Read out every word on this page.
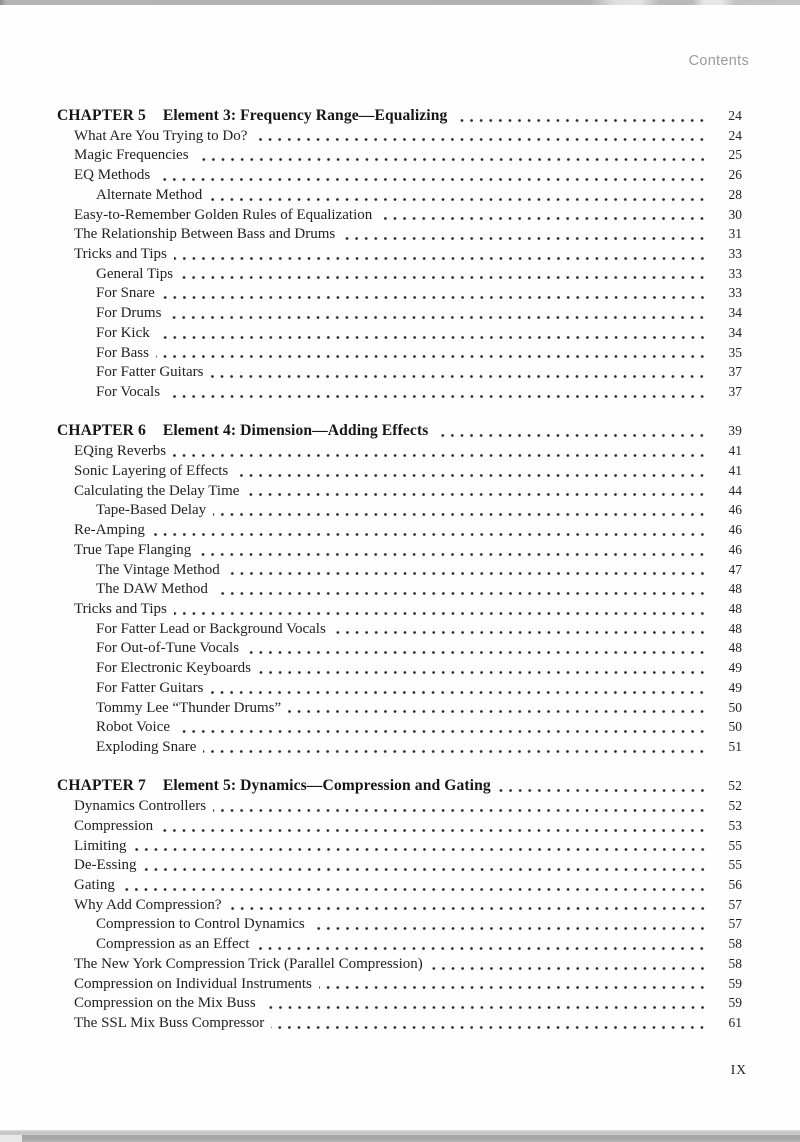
Contents
CHAPTER 5 Element 3: Frequency Range—Equalizing	24
What Are You Trying to Do?	24
Magic Frequencies	25
EQ Methods	26
Alternate Method	28
Easy-to-Remember Golden Rules of Equalization	30
The Relationship Between Bass and Drums	31
Tricks and Tips	33
General Tips	33
For Snare	33
For Drums	34
For Kick	34
For Bass	35
For Fatter Guitars	37
For Vocals	37
CHAPTER 6 Element 4: Dimension—Adding Effects	39
EQing Reverbs	41
Sonic Layering of Effects	41
Calculating the Delay Time	44
Tape-Based Delay	46
Re-Amping	46
True Tape Flanging	46
The Vintage Method	47
The DAW Method	48
Tricks and Tips	48
For Fatter Lead or Background Vocals	48
For Out-of-Tune Vocals	48
For Electronic Keyboards	49
For Fatter Guitars	49
Tommy Lee “Thunder Drums”	50
Robot Voice	50
Exploding Snare	51
CHAPTER 7 Element 5: Dynamics—Compression and Gating	52
Dynamics Controllers	52
Compression	53
Limiting	55
De-Essing	55
Gating	56
Why Add Compression?	57
Compression to Control Dynamics	57
Compression as an Effect	58
The New York Compression Trick (Parallel Compression)	58
Compression on Individual Instruments	59
Compression on the Mix Buss	59
The SSL Mix Buss Compressor	61
IX
